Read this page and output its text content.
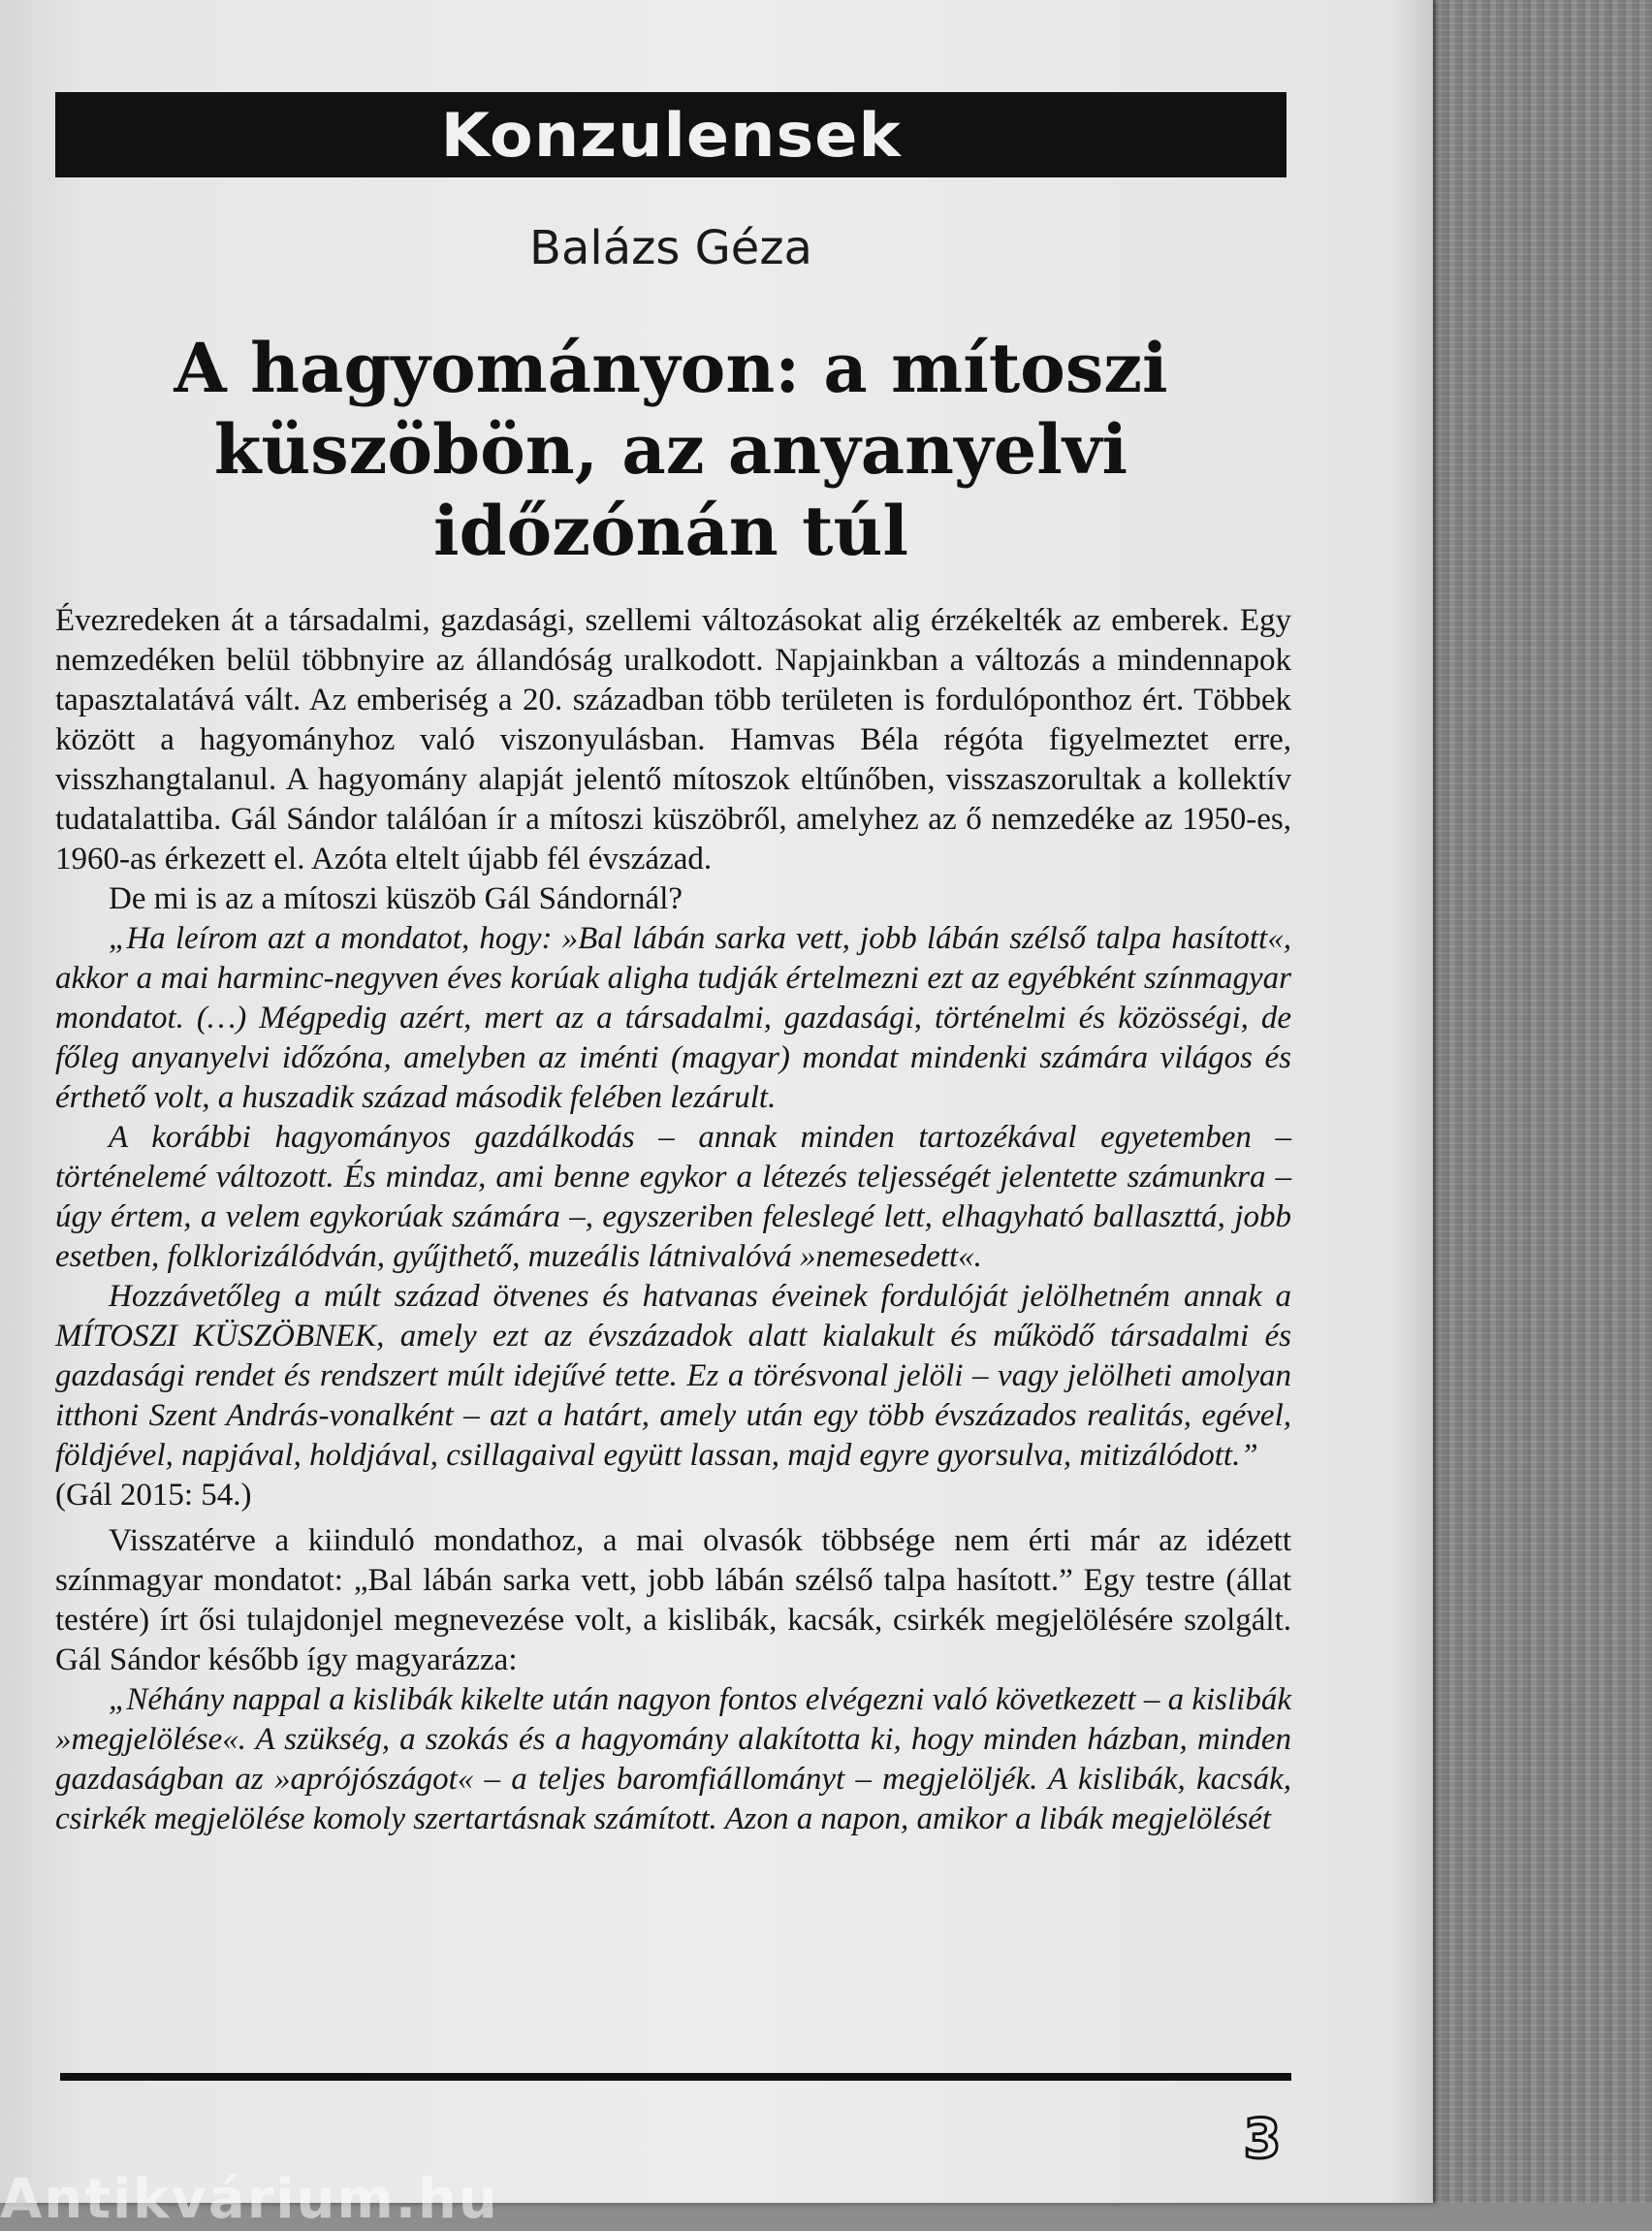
Konzulensek
Balázs Géza
A hagyományon: a mítoszi
küszöbön, az anyanyelvi
időzónán túl

Évezredeken át a társadalmi, gazdasági, szellemi változásokat alig érzékelték az emberek. Egy nemzedéken belül többnyire az állandóság uralkodott. Napjainkban a változás a mindennapok tapasztalatává vált. Az emberiség a 20. században több területen is fordulóponthoz ért. Többek között a hagyományhoz való viszonyulásban. Hamvas Béla régóta figyelmeztet erre, visszhangtalanul. A hagyomány alapját jelentő mítoszok eltűnőben, visszaszorultak a kollektív tudatalattiba. Gál Sándor találóan ír a mítoszi küszöbről, amelyhez az ő nemzedéke az 1950-es, 1960-as érkezett el. Azóta eltelt újabb fél évszázad.

De mi is az a mítoszi küszöb Gál Sándornál?

„Ha leírom azt a mondatot, hogy: »Bal lábán sarka vett, jobb lábán szélső talpa hasított«, akkor a mai harminc-negyven éves korúak aligha tudják értelmezni ezt az egyébként színmagyar mondatot. (…) Mégpedig azért, mert az a társadalmi, gazdasági, történelmi és közösségi, de főleg anyanyelvi időzóna, amelyben az iménti (magyar) mondat mindenki számára világos és érthető volt, a huszadik század második felében lezárult.

A korábbi hagyományos gazdálkodás – annak minden tartozékával egyetemben – történelemé változott. És mindaz, ami benne egykor a létezés teljességét jelentette számunkra – úgy értem, a velem egykorúak számára –, egyszeriben feleslegé lett, elhagyható ballaszttá, jobb esetben, folklorizálódván, gyűjthető, muzeális látnivalóvá »nemesedett«.

Hozzávetőleg a múlt század ötvenes és hatvanas éveinek fordulóját jelölhetném annak a MÍTOSZI KÜSZÖBNEK, amely ezt az évszázadok alatt kialakult és működő társadalmi és gazdasági rendet és rendszert múlt idejűvé tette. Ez a törésvonal jelöli – vagy jelölheti amolyan itthoni Szent András-vonalként – azt a határt, amely után egy több évszázados realitás, egével, földjével, napjával, holdjával, csillagaival együtt lassan, majd egyre gyorsulva, mitizálódott.”

(Gál 2015: 54.)

Visszatérve a kiinduló mondathoz, a mai olvasók többsége nem érti már az idézett színmagyar mondatot: „Bal lábán sarka vett, jobb lábán szélső talpa hasított.” Egy testre (állat testére) írt ősi tulajdonjel megnevezése volt, a kislibák, kacsák, csirkék megjelölésére szolgált. Gál Sándor később így magyarázza:

„Néhány nappal a kislibák kikelte után nagyon fontos elvégezni való következett – a kislibák »megjelölése«. A szükség, a szokás és a hagyomány alakította ki, hogy minden házban, minden gazdaságban az »aprójószágot« – a teljes baromfiállományt – megjelöljék. A kislibák, kacsák, csirkék megjelölése komoly szertartásnak számított. Azon a napon, amikor a libák megjelölését

3
Antikvárium.hu
